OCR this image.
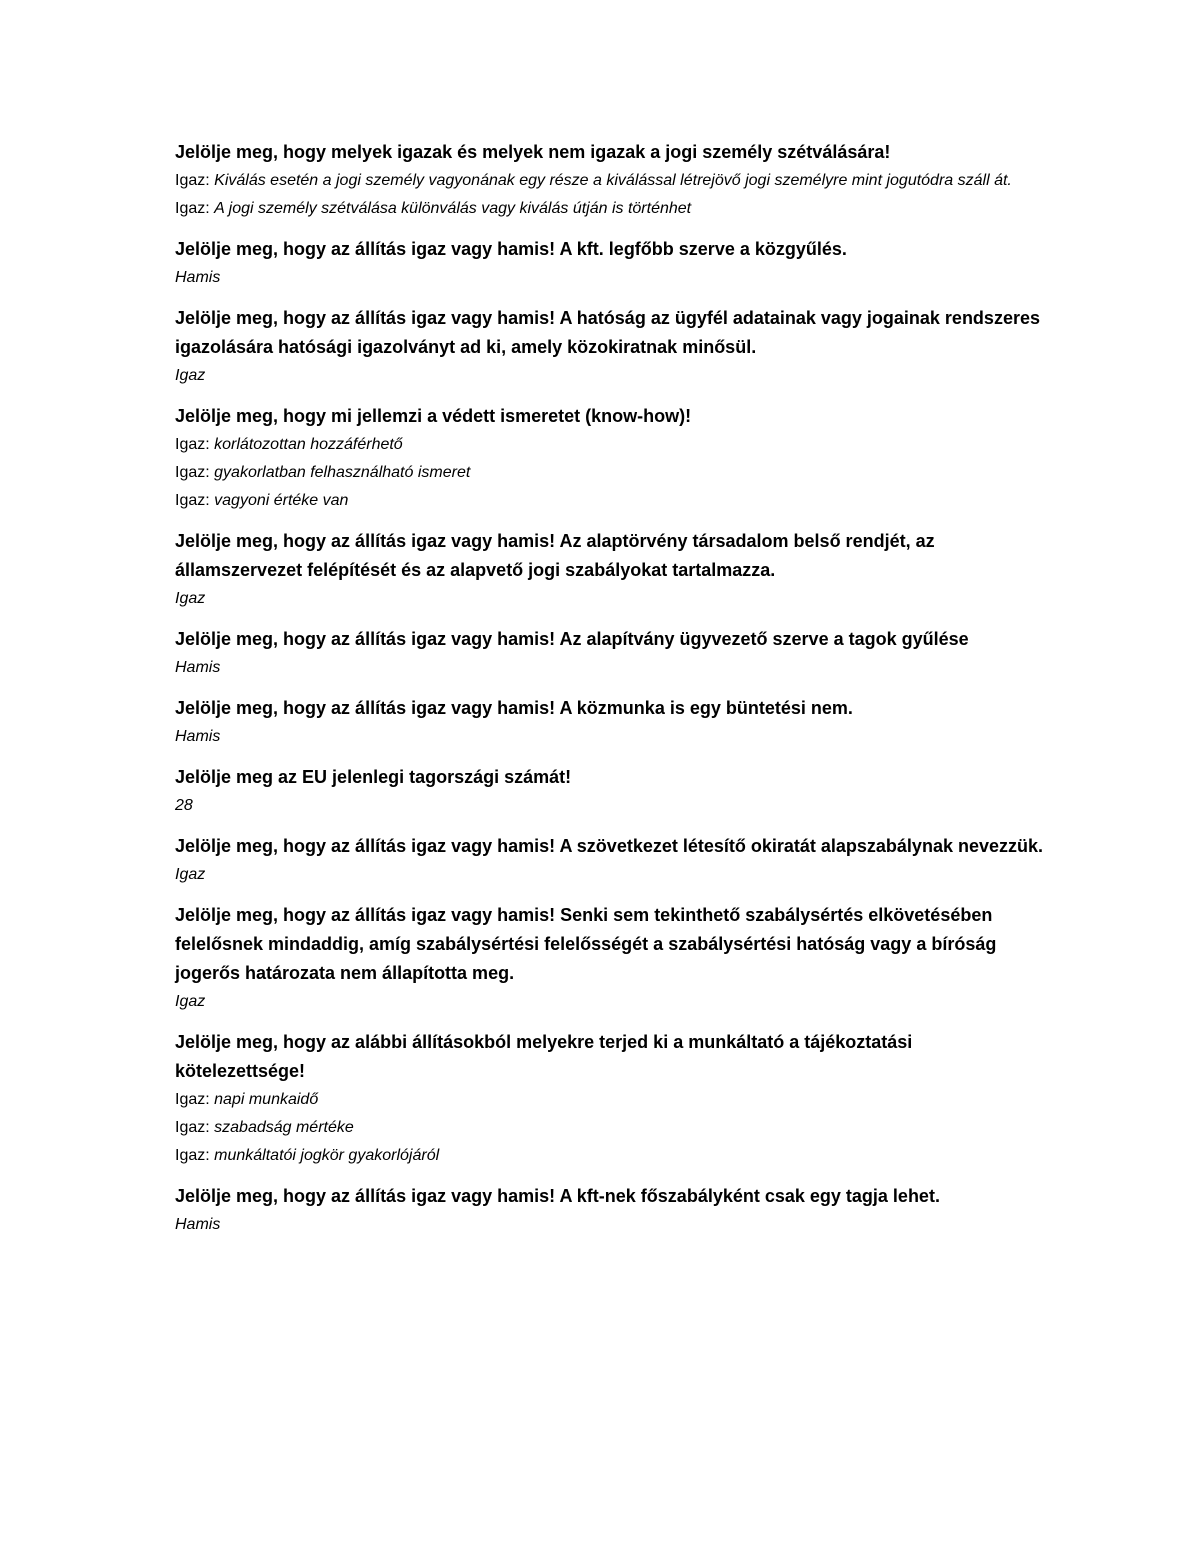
Jelölje meg, hogy melyek igazak és melyek nem igazak a jogi személy szétválására!

Igaz: Kiválás esetén a jogi személy vagyonának egy része a kiválással létrejövő jogi személyre mint jogutódra száll át.

Igaz: A jogi személy szétválása különválás vagy kiválás útján is történhet

Jelölje meg, hogy az állítás igaz vagy hamis! A kft. legfőbb szerve a közgyűlés.

Hamis

Jelölje meg, hogy az állítás igaz vagy hamis! A hatóság az ügyfél adatainak vagy jogainak rendszeres igazolására hatósági igazolványt ad ki, amely közokiratnak minősül.

Igaz

Jelölje meg, hogy mi jellemzi a védett ismeretet (know-how)!

Igaz: korlátozottan hozzáférhető

Igaz: gyakorlatban felhasználható ismeret

Igaz: vagyoni értéke van

Jelölje meg, hogy az állítás igaz vagy hamis! Az alaptörvény társadalom belső rendjét, az államszervezet felépítését és az alapvető jogi szabályokat tartalmazza.

Igaz

Jelölje meg, hogy az állítás igaz vagy hamis! Az alapítvány ügyvezető szerve a tagok gyűlése

Hamis

Jelölje meg, hogy az állítás igaz vagy hamis! A közmunka is egy büntetési nem.

Hamis

Jelölje meg az EU jelenlegi tagországi számát!

28

Jelölje meg, hogy az állítás igaz vagy hamis! A szövetkezet létesítő okiratát alapszabálynak nevezzük.

Igaz

Jelölje meg, hogy az állítás igaz vagy hamis! Senki sem tekinthető szabálysértés elkövetésében felelősnek mindaddig, amíg szabálysértési felelősségét a szabálysértési hatóság vagy a bíróság jogerős határozata nem állapította meg.

Igaz

Jelölje meg, hogy az alábbi állításokból melyekre terjed ki a munkáltató a tájékoztatási kötelezettsége!

Igaz: napi munkaidő

Igaz: szabadság mértéke

Igaz: munkáltatói jogkör gyakorlójáról

Jelölje meg, hogy az állítás igaz vagy hamis! A kft-nek főszabályként csak egy tagja lehet.

Hamis
